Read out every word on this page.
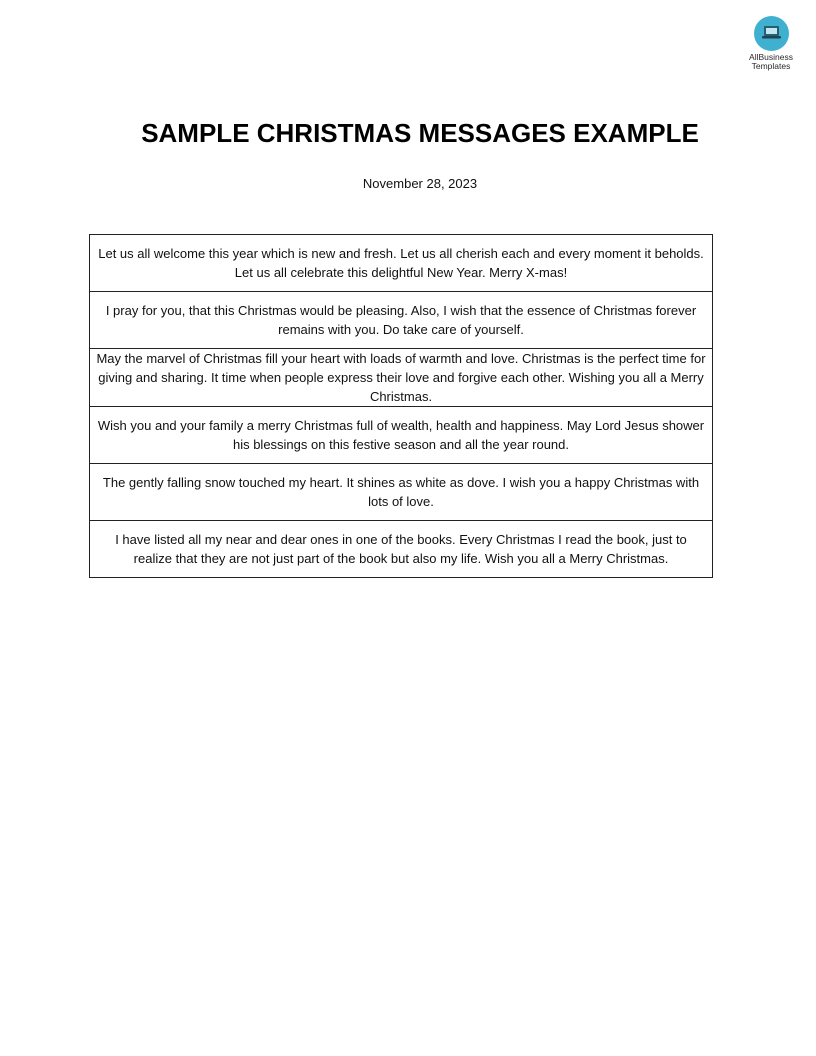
AllBusiness
Templates
SAMPLE CHRISTMAS MESSAGES EXAMPLE
November 28, 2023
Let us all welcome this year which is new and fresh. Let us all cherish each and every moment it beholds. Let us all celebrate this delightful New Year. Merry X-mas!
I pray for you, that this Christmas would be pleasing. Also, I wish that the essence of Christmas forever remains with you. Do take care of yourself.
May the marvel of Christmas fill your heart with loads of warmth and love. Christmas is the perfect time for giving and sharing. It time when people express their love and forgive each other. Wishing you all a Merry Christmas.
Wish you and your family a merry Christmas full of wealth, health and happiness. May Lord Jesus shower his blessings on this festive season and all the year round.
The gently falling snow touched my heart. It shines as white as dove. I wish you a happy Christmas with lots of love.
I have listed all my near and dear ones in one of the books. Every Christmas I read the book, just to realize that they are not just part of the book but also my life. Wish you all a Merry Christmas.
